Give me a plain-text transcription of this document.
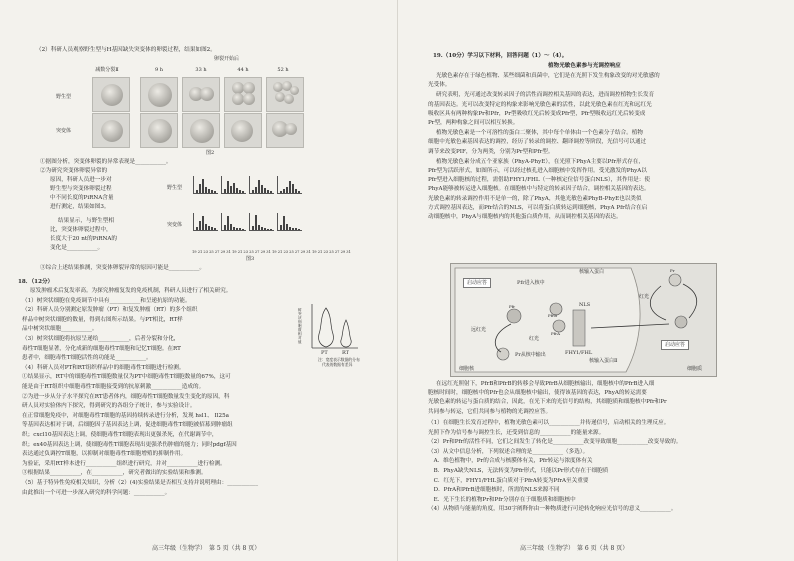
（2）科研人员观察野生型与H基因缺失突变体的卵裂过程，结果如图2。
卵裂开始后
减数分裂Ⅱ	9 h	33 h	44 h	52 h
野生型
突变体
图2
①据图分析，突变体卵裂的异常表现是___________。
②为研究突变体卵裂异常的
原因，科研人员进一步对
野生型与突变体卵裂过程
中不同长度的PiRNA含量
进行测定，结果如图3。
结果显示，与野生型相
比，突变体卵裂过程中，
长度大于20 nt的PiRNA的
变化是___________。
野生型
突变体
19 21 23 25 27 29 31 19 21 23 25 27 29 31 19 21 23 25 27 29 31 19 21 23 25 27 29 31
图3
③综合上述结果推测，突变体卵裂异常的原因可能是___________。
18．（12分）
原发肿瘤术后复发率高。为探究肿瘤复发的免疫机制，科研人员进行了相关研究。
（1）树突状细胞在免疫调节中具有___________和呈递抗原的功能。
（2）科研人员分别测定原发肿瘤（PT）和复发肿瘤（RT）的多个组织
样品中树突状细胞的数量，得到右图所示结果。与PT相比，RT样
品中树突状细胞___________。
（3）树突状细胞将抗原呈递给___________，后者分裂和分化，
毒性T细胞显著，分化成新的细胞毒性T细胞和记忆T细胞。在RT
患者中，细胞毒性T细胞活性的功能是___________。
（4）科研人员对PT和RT组织样品中的细胞毒性T细胞进行检测。
①结果显示，RT中的细胞毒性T细胞数量仅为PT中细胞毒性T细胞数量的67%，这可
能是由于RT组织中细胞毒性T细胞接受到的抗原刺激___________造成的。
②为进一步从分子水平探究在RT患者体内，细胞毒性T细胞数量发生变化的原因，科
研人员对实验体内下探究，得到研究的各组分子统计，参与实验设计。
在正常细胞免疫中，对细胞毒性T细胞的基因持续转录进行分析，发现 hsl1、 Il25a
等基因表达相对于调，后细胞因子基因表达上调，促进细胞毒性T细胞被招募到肿瘤组
织；cxcl10基因表达上调，使细胞毒性T细胞表现出更强杀死，在代谢调节中，
织；ex40基因表达上调，使细胞毒性T细胞表现出更强杀伤肿瘤的能力；同时pdgf基因
表达通过负调控T细胞，以抑制对细胞毒性T细胞增殖的抑制作用。
为验证，采用RT样本进行___________组织进行研究，并对___________进行检测。
③根据结果___________，在___________，研究者做出的实验结果和推测。
（5）基于特异性免疫相关知识，分析（2）(4)实验结果是否相互支持并说明理由：___________
由此推出一个可进一步深入研究的科学问题：___________。
树突状细胞数相对值
PT	RT
注：宽度表示数据的分布
代表的数据有差异
高三年级（生物学）　第 5 页（共 8 页）
19.（10分）学习以下材料，回答问题（1）～（4）。
植物光敏色素参与光调控响应
光敏色素存在于绿色植物、某些细菌和真菌中，它们是在光照下发生构象改变的对光敏感的
光受体。
研究表明，光可通过改变转录因子的活性而调控相关基因的表达，进而调控植物生长发育
的基因表达。光可以改变特定的构象来影响光敏色素的活性，以此光敏色素在红光和远红光
吸收区具有两种构象Pr和Pfr，Pr型吸收红光后转变成Pfr型，Pfr型吸收远红光后转变成
Pr型，两种构象之间可以相互转换。
植物光敏色素是一个可溶性的蛋白二聚体，其中每个单体由一个色素分子结合。植物
细胞中光敏色素基因表达的调控，经历了转录的调控、翻译调控等阶段，光信号可以通过
调节来改变PIF，分为两类，分别为Pr型和Pfr型。
植物光敏色素分成五个亚家族（PhyA-PhyE），在光照下PhyA主要以Pfr形式存在，
Pfr型为活跃形式，如图所示，可以经过核孔进入细胞核中发挥作用。受光激发的PhyA以
Pfr型进入细胞核的过程，需借助FHY1/FHL（一种核定位信号蛋白NLS），其作用是：使
PhyA能够被转运进入细胞核。在细胞核中与特定的转录因子结合，调控相关基因的表达。
光敏色素的转录调控作用不是单一的，除了PhyA，其他光敏色素PhyB-PhyE也以类似
方式调控基因表达，而Pfr结合的NLS，可以将蛋白质转运到细胞核，PhyA Pfr结合在启
动细胞核中，PhyA与细胞核内的其他蛋白质作用，从而调控相关基因的表达。
启动应答
启动应答
核输入蛋白
Pfr进入核中
红光
远红光
红光
NLS
FHY1/FHL
Pr从核中输出
核输入蛋白Ⅱ
细胞核	细胞质
PfrB
PfrA
Pfr
Pr
在远红光照射下，PfrB和PfrB的转移会导致PfrB从细胞核输出，细胞核中的PfrB进入细
胞核时间时，细胞核中的Pfr也会从细胞核中输出，使得该基因的表达，PhyA的转运需要
光敏色素的转运与蛋白质的结合，因此，在光下来的光信号的结构，其细胞质和细胞核中Pfr和Pr
共同参与转运，它们共同参与植物的光调控应答。
（1）在细胞生长发育过程中，植物光敏色素可以___________并传递信号，启动相关的生理反应。
光照下作为信号参与调控生长，还受到信息的___________的能量来源。
（2）Pr和Pfr的活性不同，它们之间发生了转化是___________改变导致细胞___________改变导致的。
（3）从文中信息分析，下列叙述合理的是___________（多选）。
　A．维色植物中，Pr的合成与核膜体有关，Pfr转运与浓度体有关
　B．PhyA缺失NLS，无法转变为Pfr形式，只能以Pr形式存在于细胞质
　C．红光下，FHY1/FHL蛋白质对于PfrA转变为PfrA至关重要
　D．PfrA和PfrB进细胞核时，所需的NLS来源不同
　E．光下生长的植物Pr和Pfr分别存在于细胞质和细胞核中
（4）从物质与能量的角度，用30字阐释你由一种物质进行可逆转化响应光信号的意义___________。
高三年级（生物学）　第 6 页（共 8 页）
